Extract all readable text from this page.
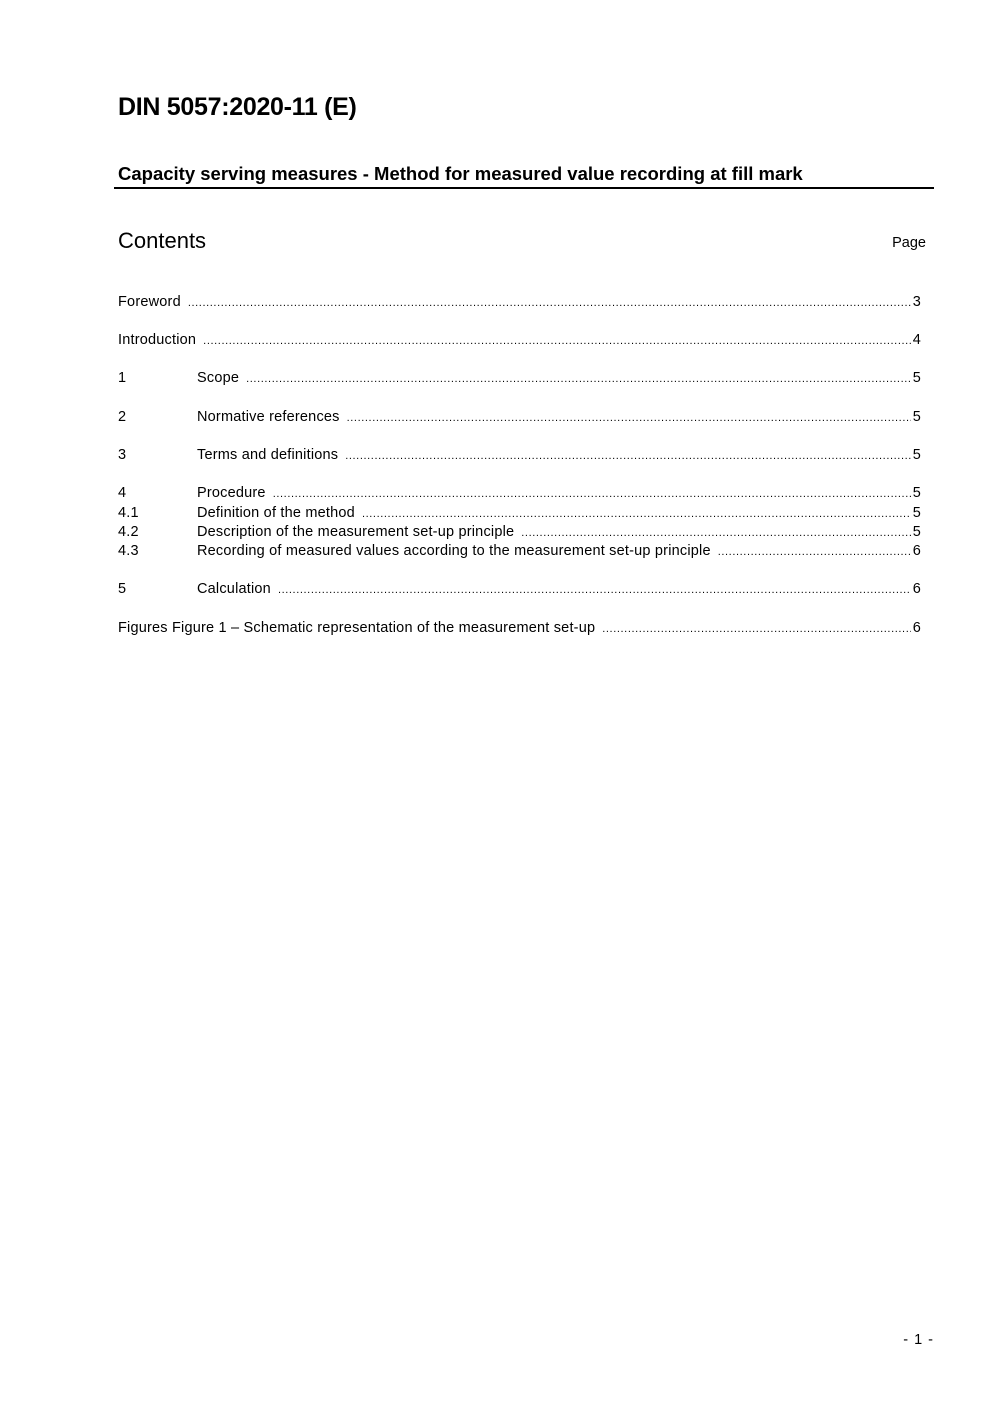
DIN 5057:2020-11 (E)
Capacity serving measures - Method for measured value recording at fill mark
Contents	Page
Foreword .....	3
Introduction .....	4
1	Scope .....	5
2	Normative references .....	5
3	Terms and definitions .....	5
4	Procedure .....	5
4.1	Definition of the method .....	5
4.2	Description of the measurement set-up principle .....	5
4.3	Recording of measured values according to the measurement set-up principle .....	6
5	Calculation .....	6
Figures Figure 1 – Schematic representation of the measurement set-up .....	6
- 1 -
